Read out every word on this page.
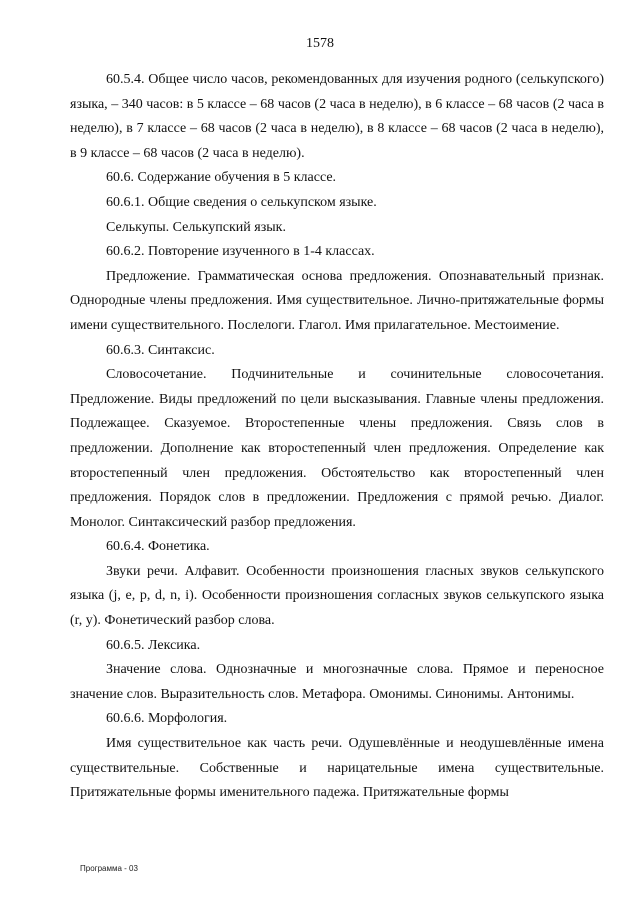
1578

60.5.4. Общее число часов, рекомендованных для изучения родного (селькупского) языка, – 340 часов: в 5 классе – 68 часов (2 часа в неделю), в 6 классе – 68 часов (2 часа в неделю), в 7 классе – 68 часов (2 часа в неделю), в 8 классе – 68 часов (2 часа в неделю), в 9 классе – 68 часов (2 часа в неделю).

60.6. Содержание обучения в 5 классе.

60.6.1. Общие сведения о селькупском языке.

Селькупы. Селькупский язык.

60.6.2. Повторение изученного в 1-4 классах.

Предложение. Грамматическая основа предложения. Опознавательный признак. Однородные члены предложения. Имя существительное. Лично-притяжательные формы имени существительного. Послелоги. Глагол. Имя прилагательное. Местоимение.

60.6.3. Синтаксис.

Словосочетание. Подчинительные и сочинительные словосочетания. Предложение. Виды предложений по цели высказывания. Главные члены предложения. Подлежащее. Сказуемое. Второстепенные члены предложения. Связь слов в предложении. Дополнение как второстепенный член предложения. Определение как второстепенный член предложения. Обстоятельство как второстепенный член предложения. Порядок слов в предложении. Предложения с прямой речью. Диалог. Монолог. Синтаксический разбор предложения.

60.6.4. Фонетика.

Звуки речи. Алфавит. Особенности произношения гласных звуков селькупского языка (j, e, p, d, n, i). Особенности произношения согласных звуков селькупского языка (r, y). Фонетический разбор слова.

60.6.5. Лексика.

Значение слова. Однозначные и многозначные слова. Прямое и переносное значение слов. Выразительность слов. Метафора. Омонимы. Синонимы. Антонимы.

60.6.6. Морфология.

Имя существительное как часть речи. Одушевлённые и неодушевлённые имена существительные. Собственные и нарицательные имена существительные. Притяжательные формы именительного падежа. Притяжательные формы

Программа - 03
